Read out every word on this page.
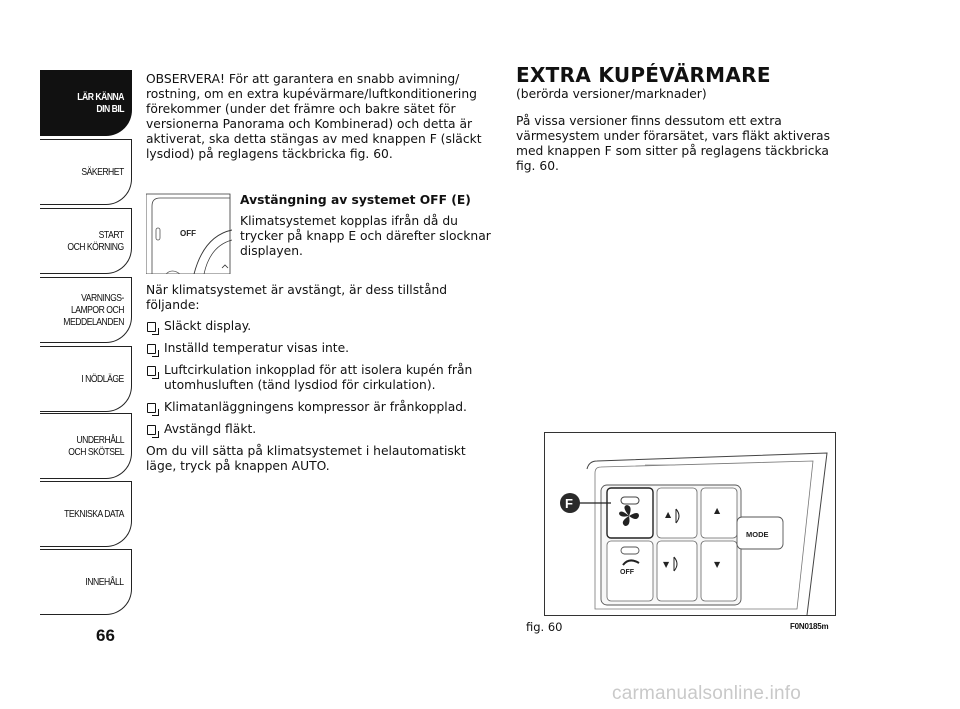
LÄR KÄNNA
DIN BIL
SÄKERHET
START
OCH KÖRNING
VARNINGS-
LAMPOR OCH
MEDDELANDEN
I NÖDLÄGE
UNDERHÅLL
OCH SKÖTSEL
TEKNISKA DATA
INNEHÅLL
66

OBSERVERA! För att garantera en snabb avimning/ rostning, om en extra kupévärmare/luftkonditionering förekommer (under det främre och bakre sätet för versionerna Panorama och Kombinerad) och detta är aktiverat, ska detta stängas av med knappen F (släckt lysdiod) på reglagens täckbricka fig. 60.

OFF
Avstängning av systemet OFF (E)
Klimatsystemet kopplas ifrån då du trycker på knapp E och därefter slocknar displayen.

När klimatsystemet är avstängt, är dess tillstånd följande:

Släckt display.
Inställd temperatur visas inte.
Luftcirkulation inkopplad för att isolera kupén från utomhusluften (tänd lysdiod för cirkulation).
Klimatanläggningens kompressor är frånkopplad.
Avstängd fläkt.

Om du vill sätta på klimatsystemet i helautomatiskt läge, tryck på knappen AUTO.

EXTRA KUPÉVÄRMARE

(berörda versioner/marknader)

På vissa versioner finns dessutom ett extra värmesystem under förarsätet, vars fläkt aktiveras med knappen F som sitter på reglagens täckbricka fig. 60.

OFF
▲
▼
▲
▼
MODE
F
fig. 60	F0N0185m
carmanualsonline.info
